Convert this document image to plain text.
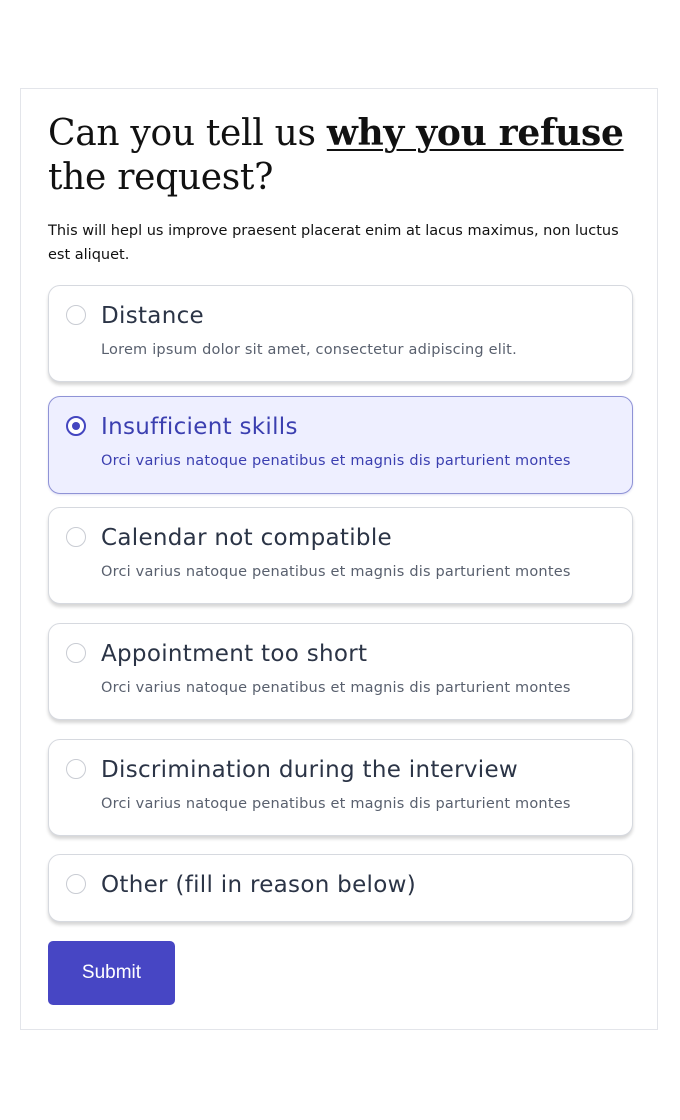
Can you tell us why you refuse the request?

This will hepl us improve praesent placerat enim at lacus maximus, non luctus est aliquet.

Distance
Lorem ipsum dolor sit amet, consectetur adipiscing elit.
Insufficient skills
Orci varius natoque penatibus et magnis dis parturient montes
Calendar not compatible
Orci varius natoque penatibus et magnis dis parturient montes
Appointment too short
Orci varius natoque penatibus et magnis dis parturient montes
Discrimination during the interview
Orci varius natoque penatibus et magnis dis parturient montes
Other (fill in reason below)
Submit
